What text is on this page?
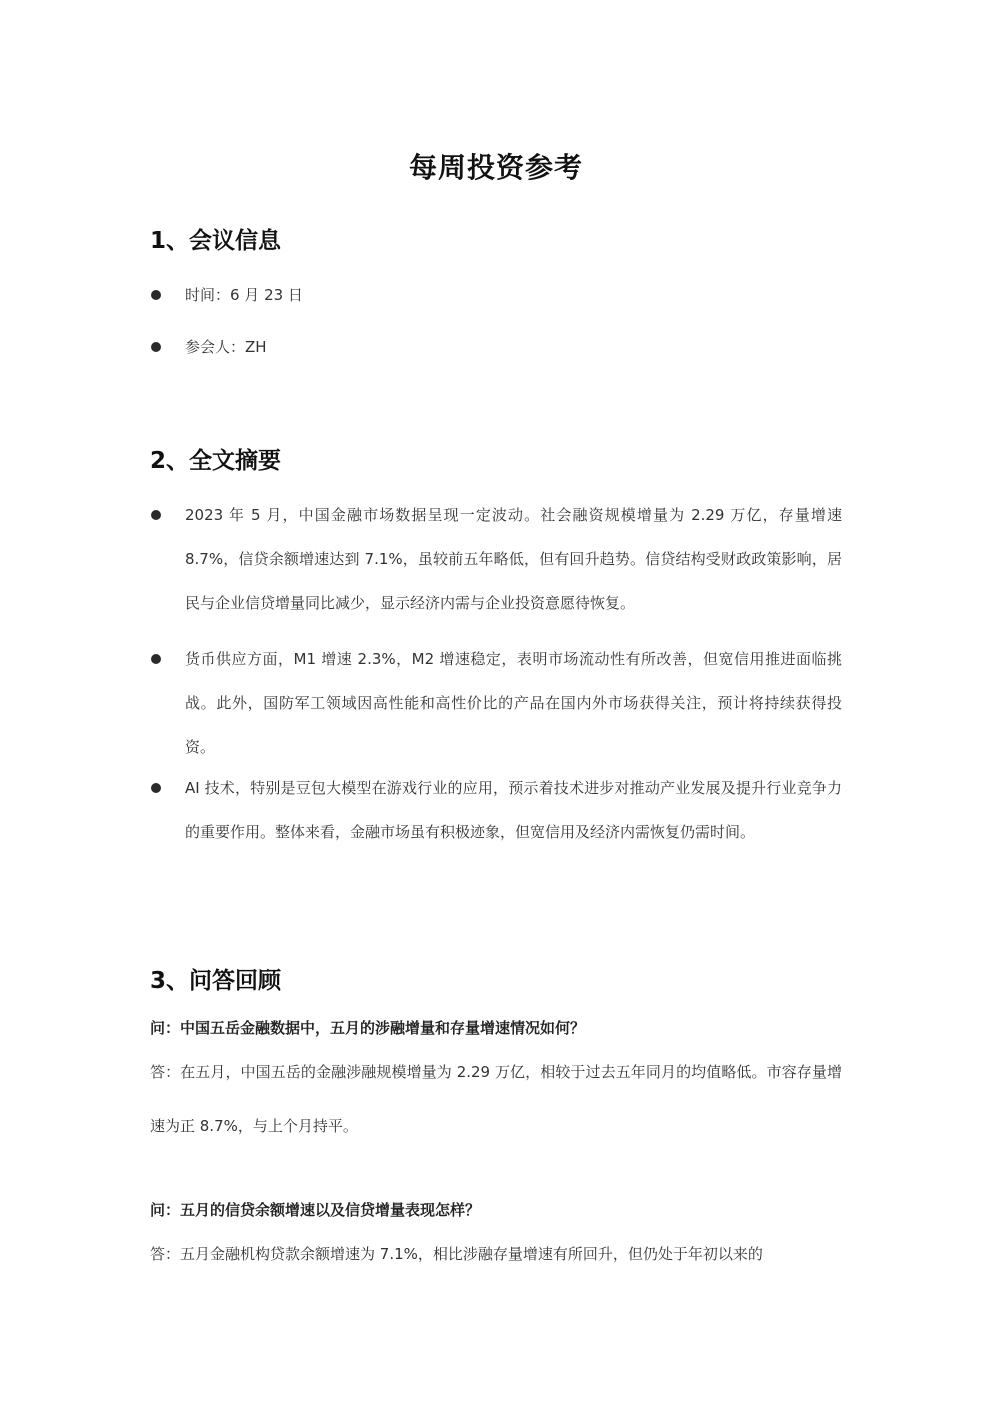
每周投资参考
1、会议信息
时间：6 月 23 日
参会人：ZH
2、全文摘要
2023 年 5 月，中国金融市场数据呈现一定波动。社会融资规模增量为 2.29 万亿，存量增速 8.7%，信贷余额增速达到 7.1%，虽较前五年略低，但有回升趋势。信贷结构受财政政策影响，居民与企业信贷增量同比减少，显示经济内需与企业投资意愿待恢复。
货币供应方面，M1 增速 2.3%，M2 增速稳定，表明市场流动性有所改善，但宽信用推进面临挑战。此外，国防军工领域因高性能和高性价比的产品在国内外市场获得关注，预计将持续获得投资。
AI 技术，特别是豆包大模型在游戏行业的应用，预示着技术进步对推动产业发展及提升行业竞争力的重要作用。整体来看，金融市场虽有积极迹象，但宽信用及经济内需恢复仍需时间。
3、问答回顾
问：中国五岳金融数据中，五月的涉融增量和存量增速情况如何？
答：在五月，中国五岳的金融涉融规模增量为 2.29 万亿，相较于过去五年同月的均值略低。市容存量增速为正 8.7%，与上个月持平。
问：五月的信贷余额增速以及信贷增量表现怎样？
答：五月金融机构贷款余额增速为 7.1%，相比涉融存量增速有所回升，但仍处于年初以来的
